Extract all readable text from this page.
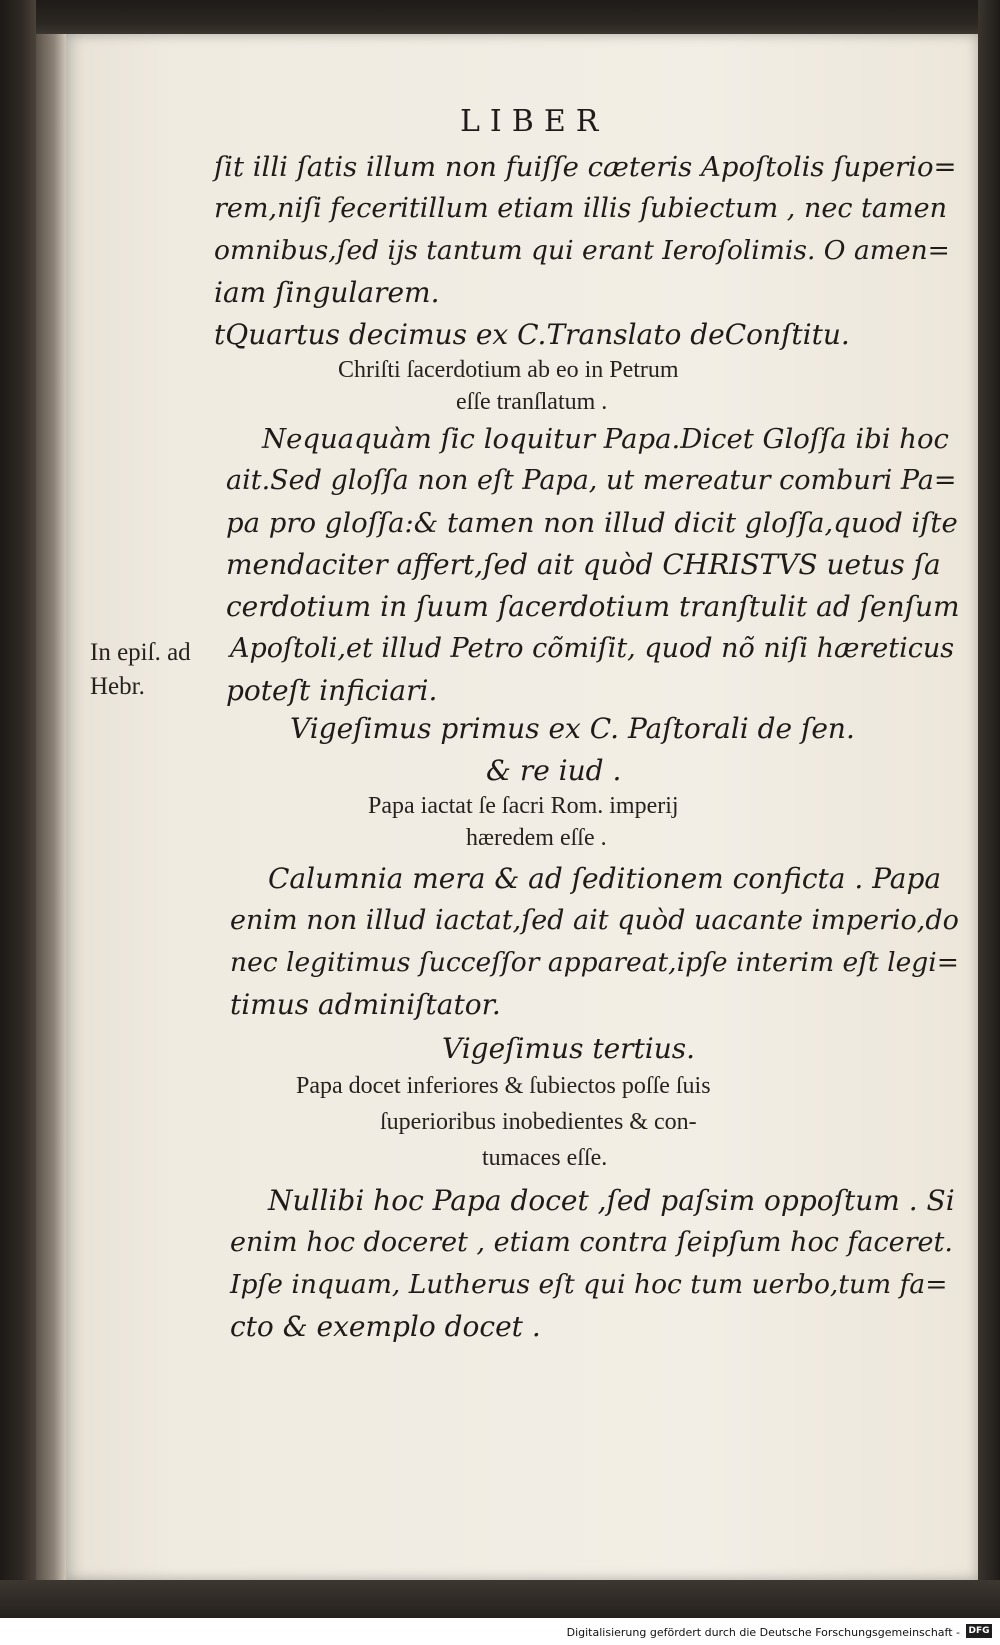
LIBER
ſit illi ſatis illum non fuiſſe cæteris Apoſtolis ſuperio=
rem,niſi feceritillum etiam illis ſubiectum , nec tamen
omnibus,ſed ijs tantum qui erant Ieroſolimis. O amen=
iam ſingularem.
tQuartus decimus ex C.Translato deConſtitu.
Chriſti ſacerdotium ab eo in Petrum
eſſe tranſlatum .
Nequaquàm ſic loquitur Papa.Dicet Gloſſa ibi hoc
ait.Sed gloſſa non eſt Papa, ut mereatur comburi Pa=
pa pro gloſſa:& tamen non illud dicit gloſſa,quod iſte
mendaciter affert,ſed ait quòd CHRISTVS uetus ſa
cerdotium in ſuum ſacerdotium tranſtulit ad ſenſum
Apoſtoli,et illud Petro cõmiſit, quod nõ niſi hæreticus
poteſt inficiari.
In epiſ. ad
Hebr.
Vigeſimus primus ex C. Paſtorali de ſen.
& re iud .
Papa iactat ſe ſacri Rom. imperij
hæredem eſſe .
Calumnia mera & ad ſeditionem conficta . Papa
enim non illud iactat,ſed ait quòd uacante imperio,do
nec legitimus ſucceſſor appareat,ipſe interim eſt legi=
timus adminiſtator.
Vigeſimus tertius.
Papa docet inferiores & ſubiectos poſſe ſuis
ſuperioribus inobedientes & con-
tumaces eſſe.
Nullibi hoc Papa docet ,ſed paſsim oppoſtum . Si
enim hoc doceret , etiam contra ſeipſum hoc faceret.
Ipſe inquam, Lutherus eſt qui hoc tum uerbo,tum fa=
cto & exemplo docet .
Digitalisierung gefördert durch die Deutsche Forschungsgemeinschaft - DFG
